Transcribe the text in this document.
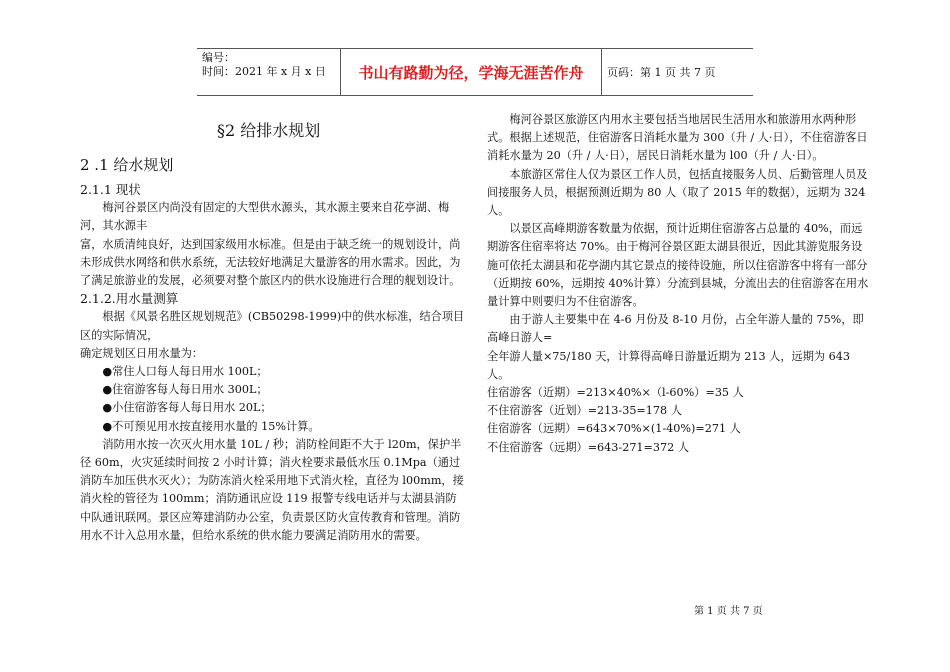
编号：
时间：2021 年 x 月 x 日	书山有路勤为径，学海无涯苦作舟	页码：第 1 页 共 7 页
§2 给排水规划
2 .1 给水规划

2.1.1 现状

梅河谷景区内尚没有固定的大型供水源头，其水源主要来自花亭湖、梅河，其水源丰

富，水质清纯良好，达到国家级用水标准。但是由于缺乏统一的规划设计，尚未形成供水网络和供水系统，无法较好地满足大量游客的用水需求。因此，为了满足旅游业的发展，必须要对整个旅区内的供水设施进行合理的舰划设计。

2.1.2.用水量测算

根据《风景名胜区规划规范》(CB50298-1999)中的供水标准，结合项目区的实际情况，

确定规划区日用水量为：

●常住人口每人每日用水 100L；

●住宿游客每人每日用水 300L；

●小住宿游客每人每日用水 20L；

●不可预见用水按直接用水量的 15%计算。

消防用水按一次灭火用水量 10L / 秒；消防栓间距不大于 l20m，保护半径 60m，火灾延续时间按 2 小时计算；消火栓要求最低水压 0.1Mpa（通过消防车加压供水灭火）；为防冻消火栓采用地下式消火栓，直径为 l00mm，接消火栓的管径为 100mm；消防通讯应设 119 报警专线电话并与太湖县消防中队通讯联网。景区应筹建消防办公室，负责景区防火宣传教育和管理。消防用水不计入总用水量，但给水系统的供水能力要满足消防用水的需要。

梅河谷景区旅游区内用水主要包括当地居民生活用水和旅游用水两种形式。根据上述规范，住宿游客日消耗水量为 300（升 / 人·日），不住宿游客日消耗水量为 20（升 / 人·日），居民日消耗水量为 l00（升 / 人·日）。

本旅游区常住人仅为景区工作人员，包括直接服务人员、后勤管理人员及间接服务人员，根据预测近期为 80 人（取了 2015 年的数据），远期为 324 人。

以景区高峰期游客数量为依据，预计近期住宿游客占总量的 40%，而远期游客住宿率将达 70%。由于梅河谷景区距太湖县很近，因此其游览服务设施可依托太湖县和花亭湖内其它景点的接待设施，所以住宿游客中将有一部分（近期按 60%，远期按 40%计算）分流到县城，分流出去的住宿游客在用水量计算中则要归为不住宿游客。

由于游人主要集中在 4-6 月份及 8-10 月份，占全年游人量的 75%，即高峰日游人=

全年游人量×75/180 天，计算得高峰日游量近期为 213 人，远期为 643 人。

住宿游客（近期）=213×40%×（l-60%）=35 人

不住宿游客（近划）=213-35=178 人

住宿游客（远期）=643×70%×(1-40%)=271 人

不住宿游客（远期）=643-271=372 人

第 1 页 共 7 页
